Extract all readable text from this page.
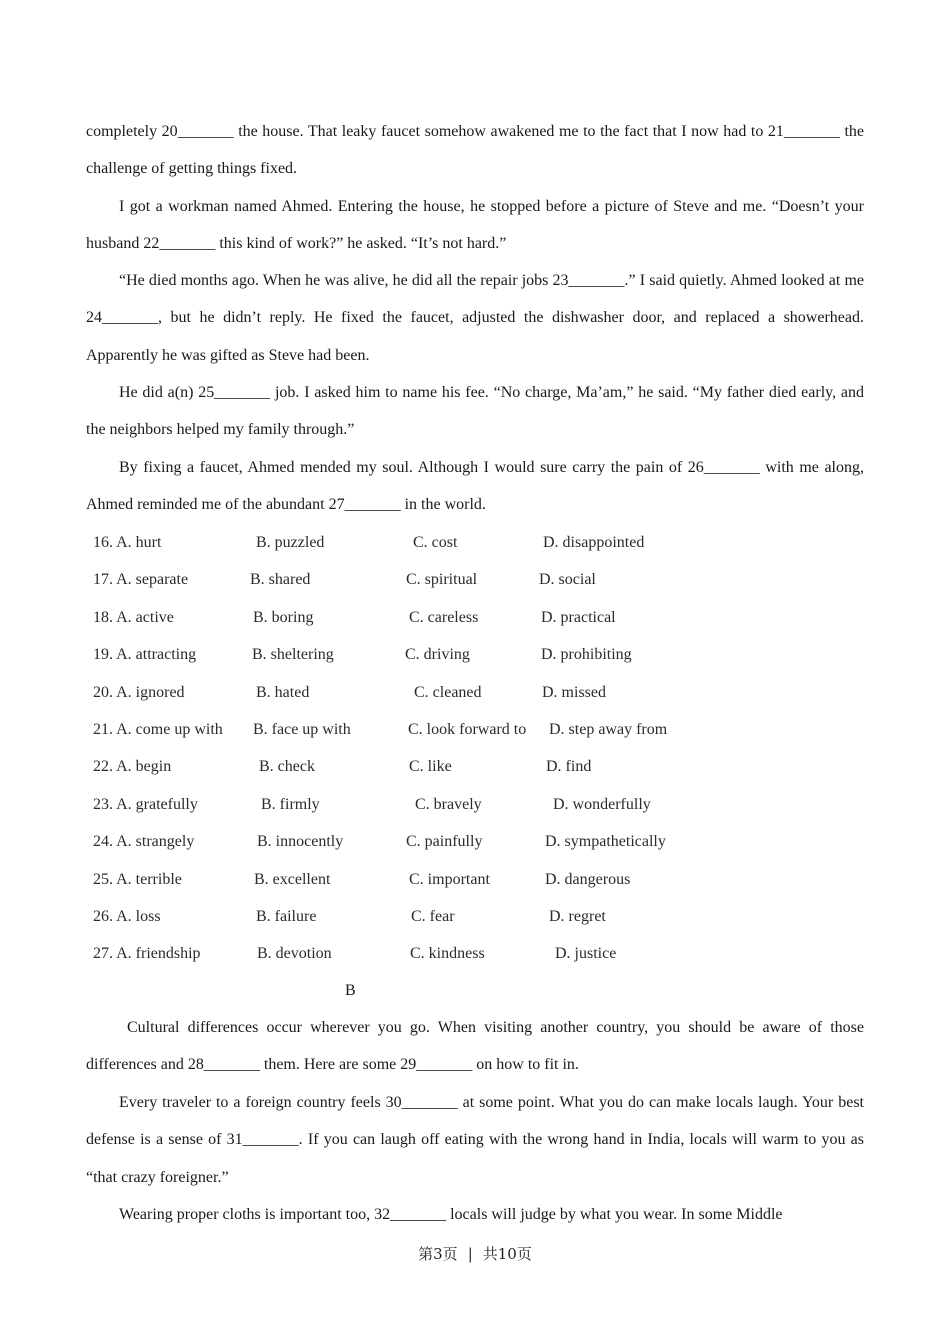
completely 20_______ the house. That leaky faucet somehow awakened me to the fact that I now had to 21_______ the challenge of getting things fixed.

I got a workman named Ahmed. Entering the house, he stopped before a picture of Steve and me. “Doesn’t your husband 22_______ this kind of work?” he asked. “It’s not hard.”

“He died months ago. When he was alive, he did all the repair jobs 23_______.” I said quietly. Ahmed looked at me 24_______, but he didn’t reply. He fixed the faucet, adjusted the dishwasher door, and replaced a showerhead. Apparently he was gifted as Steve had been.

He did a(n) 25_______ job. I asked him to name his fee. “No charge, Ma’am,” he said. “My father died early, and the neighbors helped my family through.”

By fixing a faucet, Ahmed mended my soul. Although I would sure carry the pain of 26_______ with me along, Ahmed reminded me of the abundant 27_______ in the world.

16. A. hurt	B. puzzled	C. cost	D. disappointed
17. A. separate	B. shared	C. spiritual	D. social
18. A. active	B. boring	C. careless	D. practical
19. A. attracting	B. sheltering	C. driving	D. prohibiting
20. A. ignored	B. hated	C. cleaned	D. missed
21. A. come up with B. face up with	C. look forward to D. step away from
22. A. begin	B. check	C. like	D. find
23. A. gratefully	B. firmly	C. bravely	D. wonderfully
24. A. strangely	B. innocently	C. painfully	D. sympathetically
25. A. terrible	B. excellent	C. important	D. dangerous
26. A. loss	B. failure	C. fear	D. regret
27. A. friendship	B. devotion	C. kindness	D. justice
B

Cultural differences occur wherever you go. When visiting another country, you should be aware of those differences and 28_______ them. Here are some 29_______ on how to fit in.

Every traveler to a foreign country feels 30_______ at some point. What you do can make locals laugh. Your best defense is a sense of 31_______. If you can laugh off eating with the wrong hand in India, locals will warm to you as “that crazy foreigner.”

Wearing proper cloths is important too, 32_______ locals will judge by what you wear. In some Middle

第3页 | 共10页
